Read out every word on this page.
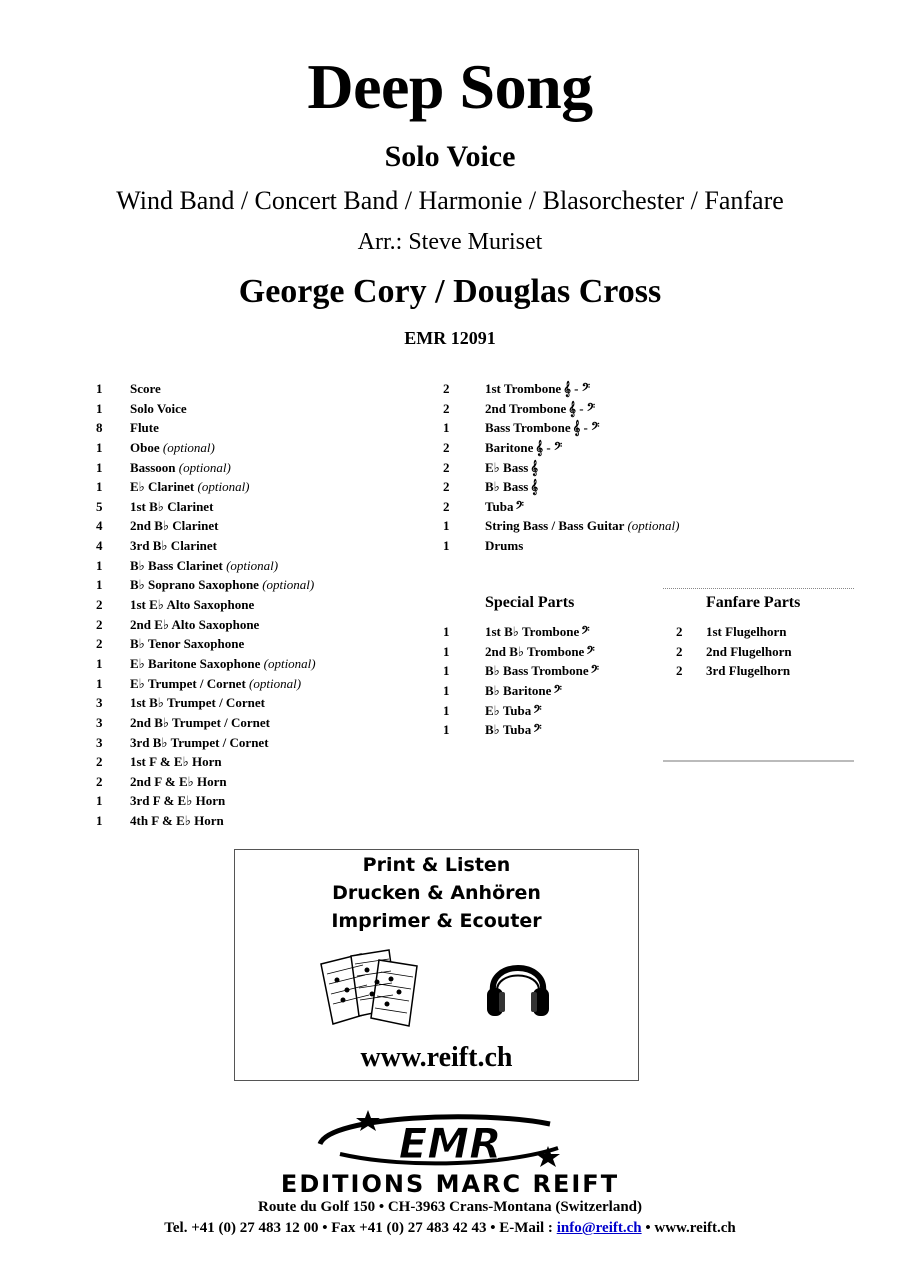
Deep Song
Solo Voice
Wind Band / Concert Band / Harmonie / Blasorchester / Fanfare
Arr.: Steve Muriset
George Cory / Douglas Cross
EMR 12091
1 Score
1 Solo Voice
8 Flute
1 Oboe (optional)
1 Bassoon (optional)
1 E♭ Clarinet (optional)
5 1st B♭ Clarinet
4 2nd B♭ Clarinet
4 3rd B♭ Clarinet
1 B♭ Bass Clarinet (optional)
1 B♭ Soprano Saxophone (optional)
2 1st E♭ Alto Saxophone
2 2nd E♭ Alto Saxophone
2 B♭ Tenor Saxophone
1 E♭ Baritone Saxophone (optional)
1 E♭ Trumpet / Cornet (optional)
3 1st B♭ Trumpet / Cornet
3 2nd B♭ Trumpet / Cornet
3 3rd B♭ Trumpet / Cornet
2 1st F & E♭ Horn
2 2nd F & E♭ Horn
1 3rd F & E♭ Horn
1 4th F & E♭ Horn
2	1st Trombone 𝄞 - 𝄢
2	2nd Trombone 𝄞 - 𝄢
1	Bass Trombone 𝄞 - 𝄢
2	Baritone 𝄞 - 𝄢
2	E♭ Bass 𝄞
2	B♭ Bass 𝄞
2	Tuba 𝄢
1	String Bass / Bass Guitar (optional)
1	Drums
Special Parts	Fanfare Parts
1	1st B♭ Trombone 𝄢
1	2nd B♭ Trombone 𝄢
1	B♭ Bass Trombone 𝄢
1	B♭ Baritone 𝄢
1	E♭ Tuba 𝄢
1	B♭ Tuba 𝄢
2 1st Flugelhorn
2 2nd Flugelhorn
2 3rd Flugelhorn
Print & Listen
Drucken & Anhören
Imprimer & Ecouter
www.reift.ch
EMR
EDITIONS MARC REIFT
Route du Golf 150 • CH-3963 Crans-Montana (Switzerland)
Tel. +41 (0) 27 483 12 00 • Fax +41 (0) 27 483 42 43 • E-Mail : info@reift.ch • www.reift.ch
